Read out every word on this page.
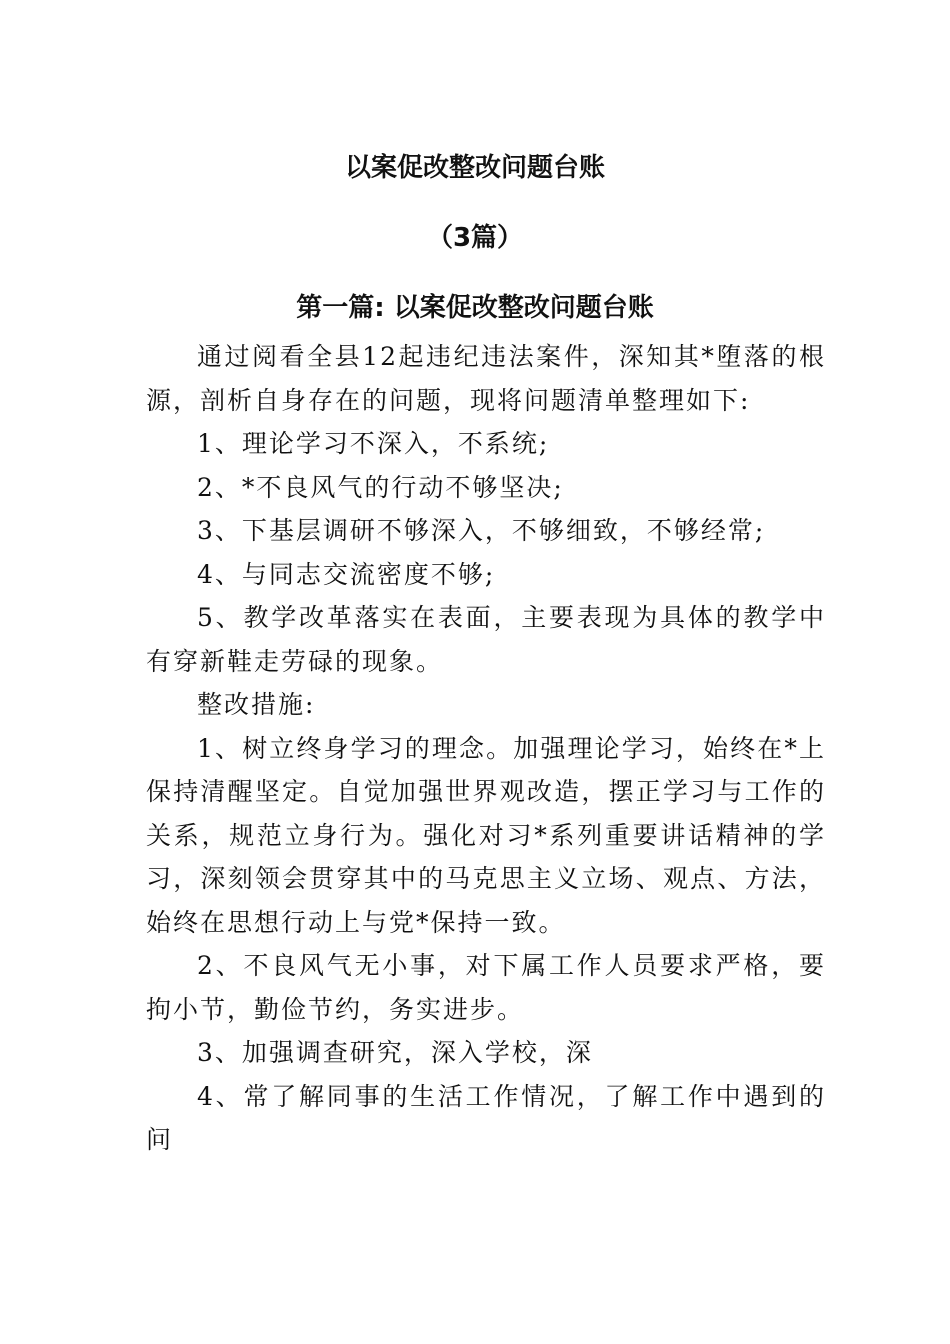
以案促改整改问题台账
（3篇）
第一篇: 以案促改整改问题台账

通过阅看全县12起违纪违法案件，深知其*堕落的根源，剖析自身存在的问题，现将问题清单整理如下:

1、理论学习不深入，不系统;

2、*不良风气的行动不够坚决;

3、下基层调研不够深入，不够细致，不够经常;

4、与同志交流密度不够;

5、教学改革落实在表面，主要表现为具体的教学中有穿新鞋走劳碌的现象。

整改措施:

1、树立终身学习的理念。加强理论学习，始终在*上保持清醒坚定。自觉加强世界观改造，摆正学习与工作的关系，规范立身行为。强化对习*系列重要讲话精神的学习，深刻领会贯穿其中的马克思主义立场、观点、方法，始终在思想行动上与党*保持一致。

2、不良风气无小事，对下属工作人员要求严格，要拘小节，勤俭节约，务实进步。

3、加强调查研究，深入学校，深

4、常了解同事的生活工作情况，了解工作中遇到的问
